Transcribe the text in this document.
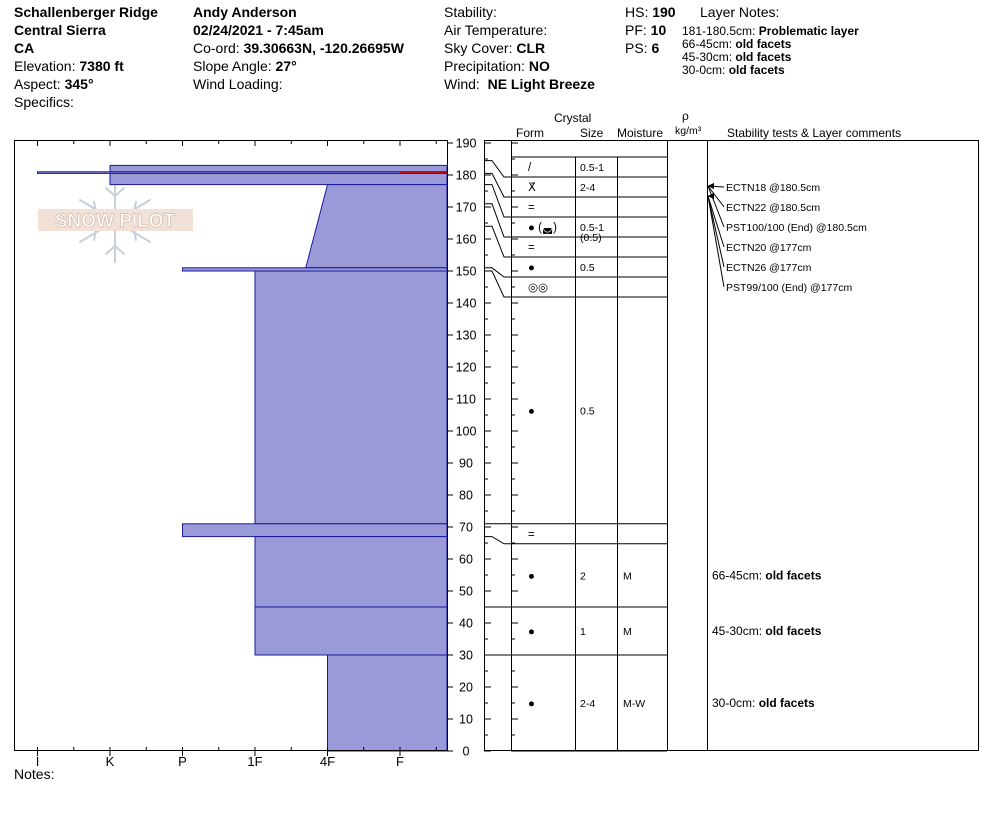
Schallenberger Ridge
Central Sierra
CA
Elevation: 7380 ft
Aspect: 345°
Specifics:
Andy Anderson
02/24/2021 - 7:45am
Co-ord: 39.30663N, -120.26695W
Slope Angle: 27°
Wind Loading:
Stability:
Air Temperature:
Sky Cover: CLR
Precipitation: NO
Wind: NE Light Breeze
HS: 190
PF: 10
PS: 6
Layer Notes:
181-180.5cm: Problematic layer
66-45cm: old facets
45-30cm: old facets
30-0cm: old facets
Crystal
Form	Size Moisture
ρ
kg/m³ Stability tests & Layer comments
Notes:
SNOW PILOT
I	K	P	1F	4F	F
0
10
20
30
40
50
60
70
80
90
100
110
120
130
140
150
160
170
180
190
/	0.5-1
Ⅹ̄	2-4
=
● (◛) 0.5-1
(0.5)
=
●	0.5
◎◎
●	0.5
=
●	2	M
●	1	M
●	2-4	M-W
66-45cm: old facets
45-30cm: old facets
30-0cm: old facets
ECTN18 @180.5cm
ECTN22 @180.5cm
PST100/100 (End) @180.5cm
ECTN20 @177cm
ECTN26 @177cm
PST99/100 (End) @177cm
